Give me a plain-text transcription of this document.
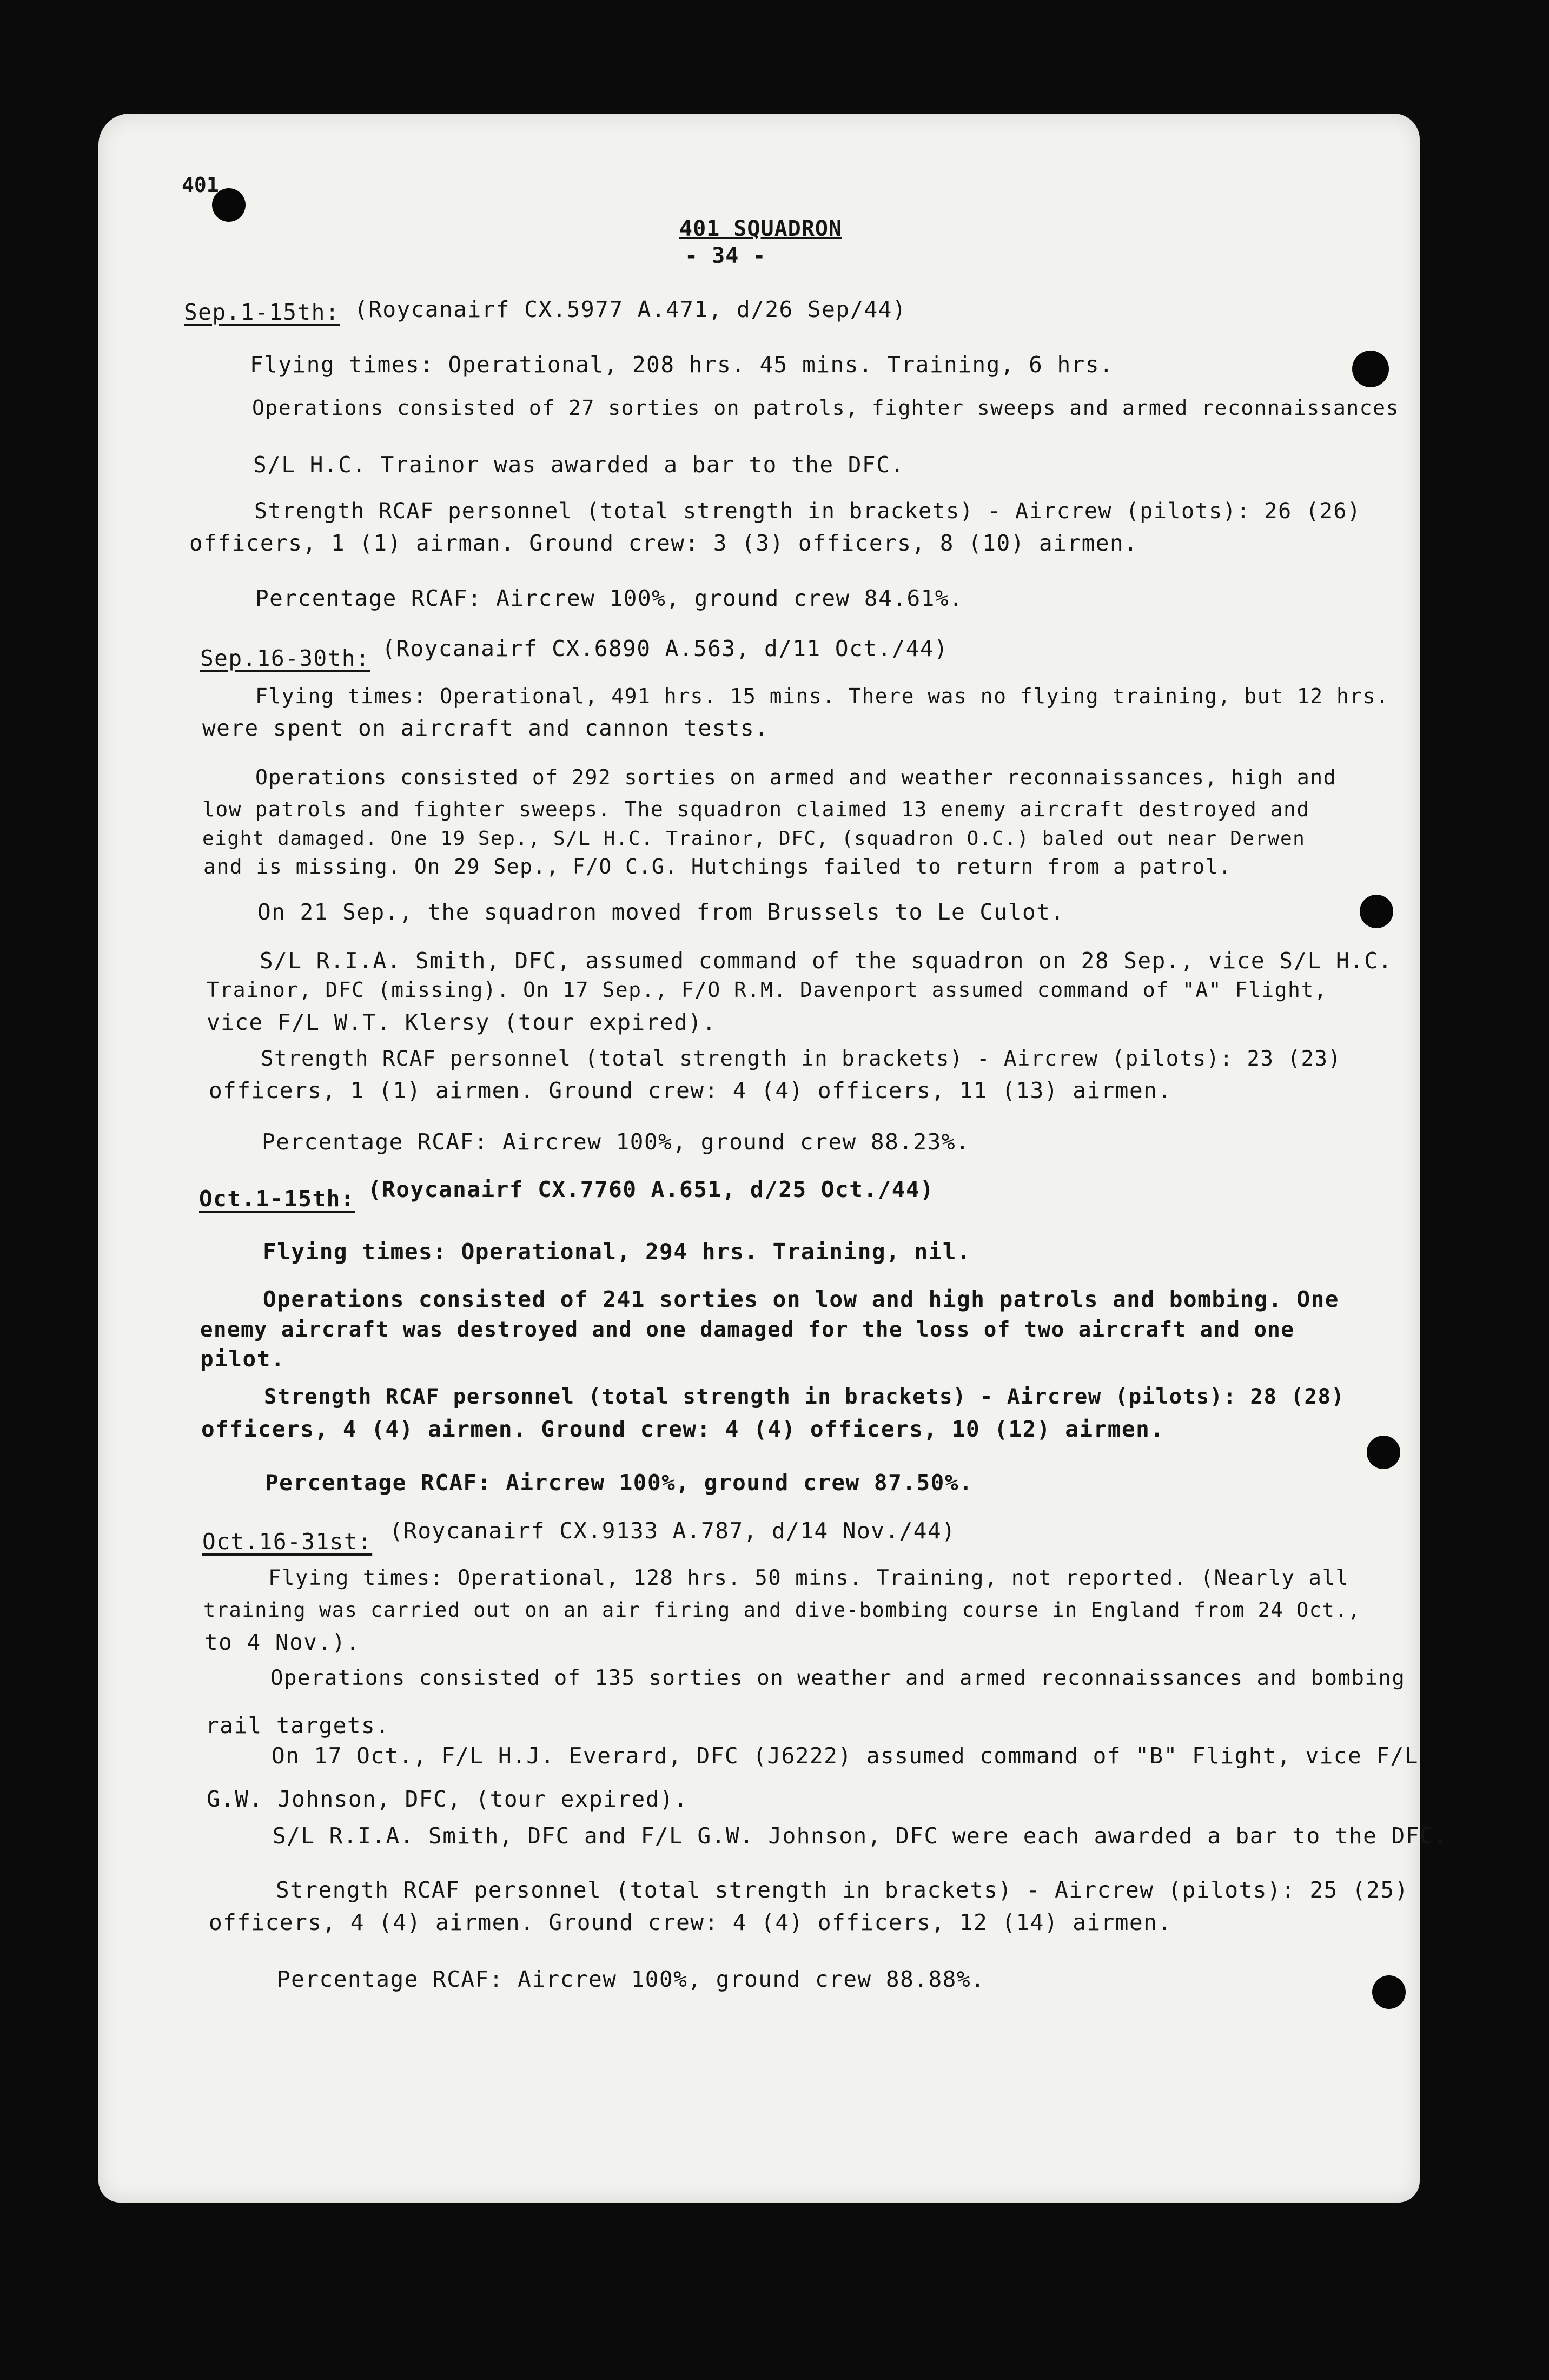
401
401 SQUADRON
- 34 -
Sep.1-15th: (Roycanairf CX.5977 A.471, d/26 Sep/44)
Flying times: Operational, 208 hrs. 45 mins. Training, 6 hrs.
Operations consisted of 27 sorties on patrols, fighter sweeps and armed reconnaissances
S/L H.C. Trainor was awarded a bar to the DFC.
Strength RCAF personnel (total strength in brackets) - Aircrew (pilots): 26 (26)
officers, 1 (1) airman. Ground crew: 3 (3) officers, 8 (10) airmen.
Percentage RCAF: Aircrew 100%, ground crew 84.61%.
Sep.16-30th: (Roycanairf CX.6890 A.563, d/11 Oct./44)
Flying times: Operational, 491 hrs. 15 mins. There was no flying training, but 12 hrs.
were spent on aircraft and cannon tests.
Operations consisted of 292 sorties on armed and weather reconnaissances, high and
low patrols and fighter sweeps. The squadron claimed 13 enemy aircraft destroyed and
eight damaged. One 19 Sep., S/L H.C. Trainor, DFC, (squadron O.C.) baled out near Derwen
and is missing. On 29 Sep., F/O C.G. Hutchings failed to return from a patrol.
On 21 Sep., the squadron moved from Brussels to Le Culot.
S/L R.I.A. Smith, DFC, assumed command of the squadron on 28 Sep., vice S/L H.C.
Trainor, DFC (missing). On 17 Sep., F/O R.M. Davenport assumed command of "A" Flight,
vice F/L W.T. Klersy (tour expired).
Strength RCAF personnel (total strength in brackets) - Aircrew (pilots): 23 (23)
officers, 1 (1) airmen. Ground crew: 4 (4) officers, 11 (13) airmen.
Percentage RCAF: Aircrew 100%, ground crew 88.23%.
Oct.1-15th: (Roycanairf CX.7760 A.651, d/25 Oct./44)
Flying times: Operational, 294 hrs. Training, nil.
Operations consisted of 241 sorties on low and high patrols and bombing. One
enemy aircraft was destroyed and one damaged for the loss of two aircraft and one
pilot.
Strength RCAF personnel (total strength in brackets) - Aircrew (pilots): 28 (28)
officers, 4 (4) airmen. Ground crew: 4 (4) officers, 10 (12) airmen.
Percentage RCAF: Aircrew 100%, ground crew 87.50%.
Oct.16-31st: (Roycanairf CX.9133 A.787, d/14 Nov./44)
Flying times: Operational, 128 hrs. 50 mins. Training, not reported. (Nearly all
training was carried out on an air firing and dive-bombing course in England from 24 Oct.,
to 4 Nov.).
Operations consisted of 135 sorties on weather and armed reconnaissances and bombing
rail targets.
On 17 Oct., F/L H.J. Everard, DFC (J6222) assumed command of "B" Flight, vice F/L
G.W. Johnson, DFC, (tour expired).
S/L R.I.A. Smith, DFC and F/L G.W. Johnson, DFC were each awarded a bar to the DFC.
Strength RCAF personnel (total strength in brackets) - Aircrew (pilots): 25 (25)
officers, 4 (4) airmen. Ground crew: 4 (4) officers, 12 (14) airmen.
Percentage RCAF: Aircrew 100%, ground crew 88.88%.
